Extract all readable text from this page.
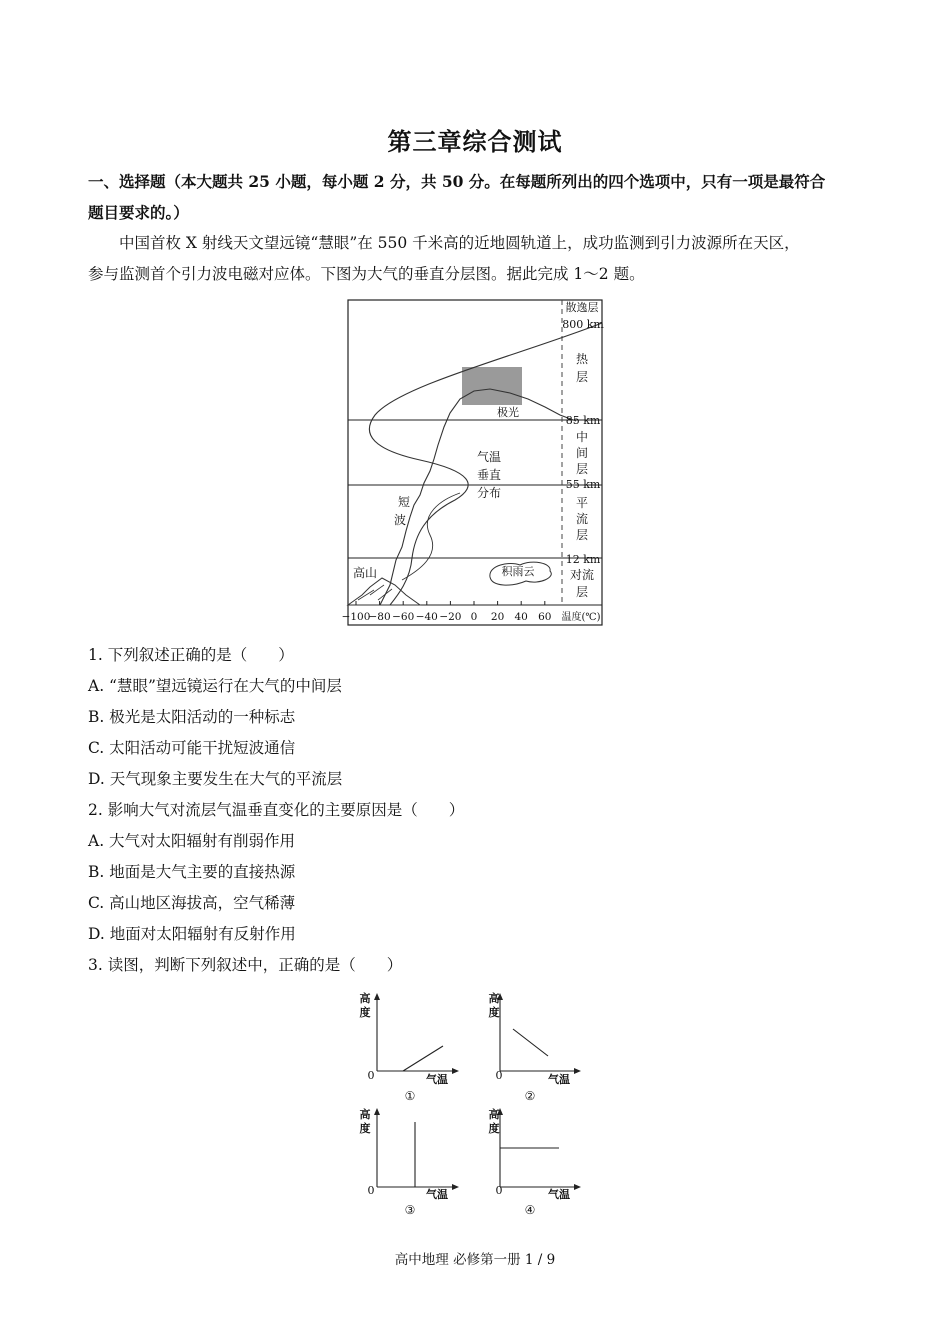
第三章综合测试
一、选择题（本大题共 25 小题，每小题 2 分，共 50 分。在每题所列出的四个选项中，只有一项是最符合
题目要求的。）
中国首枚 X 射线天文望远镜“慧眼”在 550 千米高的近地圆轨道上，成功监测到引力波源所在天区，
参与监测首个引力波电磁对应体。下图为大气的垂直分层图。据此完成 1～2 题。
散逸层
800 km
热
层
85 km
中
间
层
55 km
平
流
层
12 km
对流
层
极光
气温
垂直
分布
短
波
高山	积雨云
−100
−80 −60 −40 −20 0 20 40 60 温度(℃)
1. 下列叙述正确的是（　　）
A. “慧眼”望远镜运行在大气的中间层
B. 极光是太阳活动的一种标志
C. 太阳活动可能干扰短波通信
D. 天气现象主要发生在大气的平流层
2. 影响大气对流层气温垂直变化的主要原因是（　　）
A. 大气对太阳辐射有削弱作用
B. 地面是大气主要的直接热源
C. 高山地区海拔高，空气稀薄
D. 地面对太阳辐射有反射作用
3. 读图，判断下列叙述中，正确的是（　　）
高
度
0	气温
①
高
度
0	气温
②
高
度
0	气温
③
高
度
0	气温
④
高中地理 必修第一册 1 / 9
